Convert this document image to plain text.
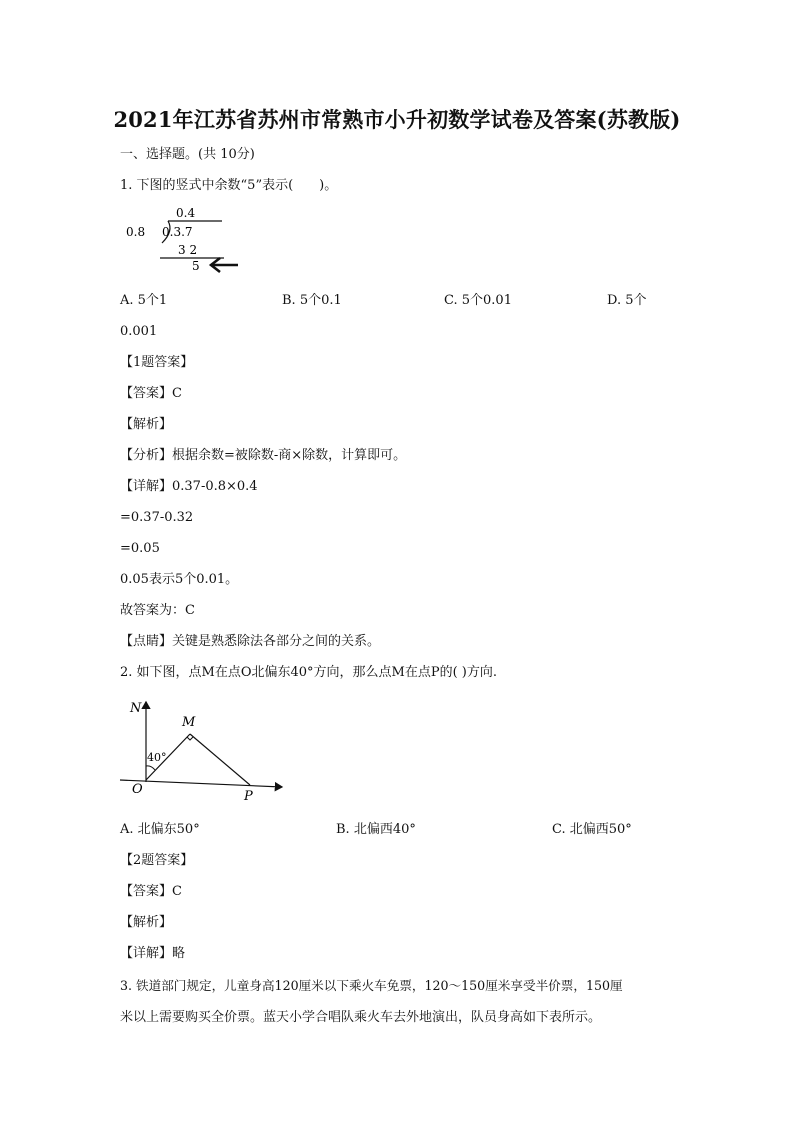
2021年江苏省苏州市常熟市小升初数学试卷及答案(苏教版)
一、选择题。(共 10分)
1. 下图的竖式中余数“5”表示(　　)。
0.4
0.8 0.3.7
3 2
5
A. 5个1	B. 5个0.1	C. 5个0.01	D. 5个
0.001
【1题答案】
【答案】C
【解析】
【分析】根据余数=被除数-商×除数，计算即可。
【详解】0.37-0.8×0.4
=0.37-0.32
=0.05
0.05表示5个0.01。
故答案为：C
【点睛】关键是熟悉除法各部分之间的关系。
2. 如下图，点M在点O北偏东40°方向，那么点M在点P的( )方向.
N
M
O	P
40°
A. 北偏东50°	B. 北偏西40°	C. 北偏西50°
【2题答案】
【答案】C
【解析】
【详解】略
3. 铁道部门规定，儿童身高120厘米以下乘火车免票，120～150厘米享受半价票，150厘
米以上需要购买全价票。蓝天小学合唱队乘火车去外地演出，队员身高如下表所示。
